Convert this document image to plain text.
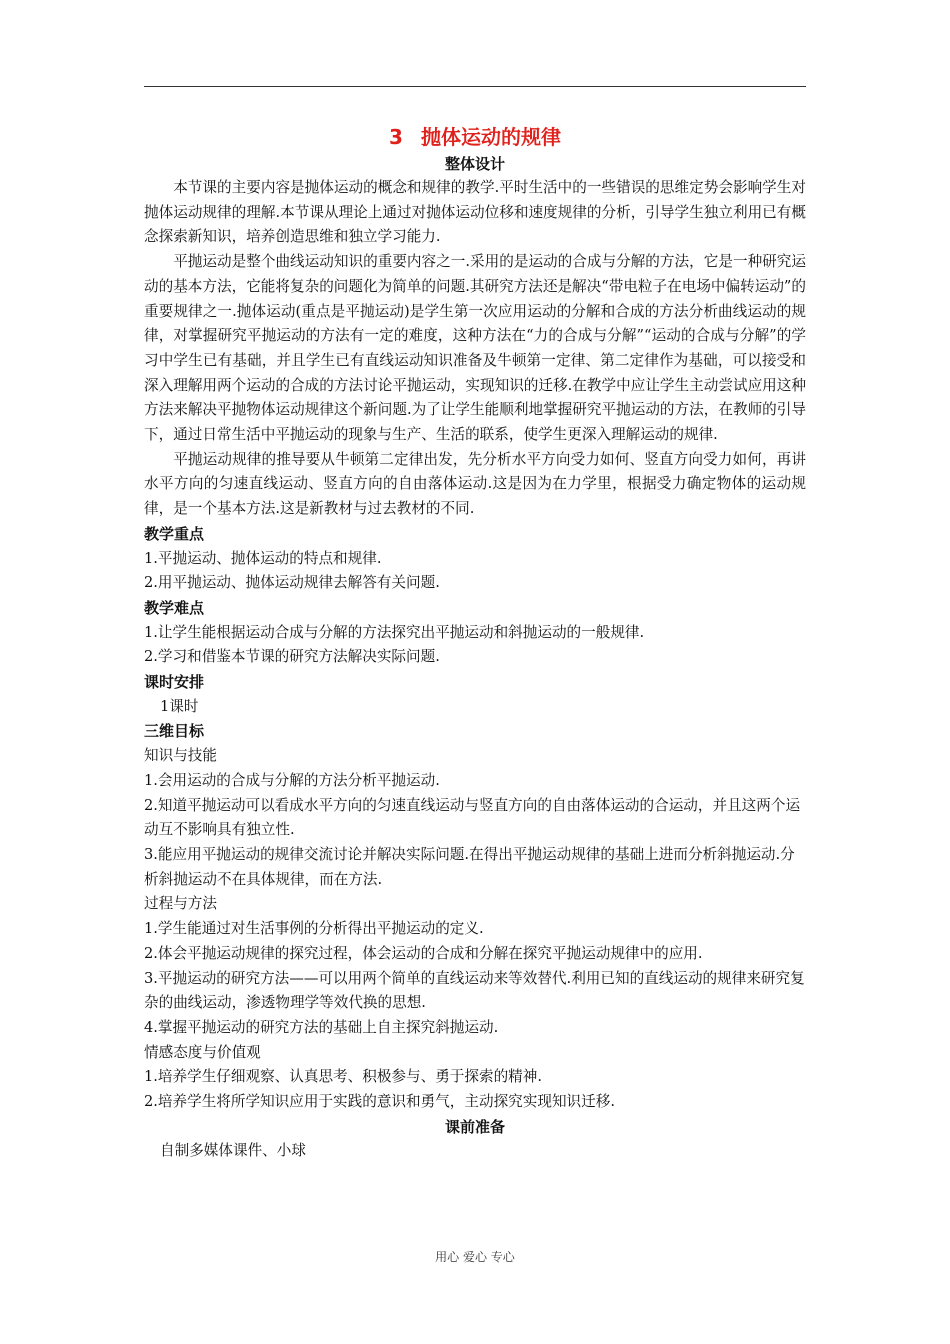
3 抛体运动的规律
整体设计

本节课的主要内容是抛体运动的概念和规律的教学.平时生活中的一些错误的思维定势会影响学生对抛体运动规律的理解.本节课从理论上通过对抛体运动位移和速度规律的分析，引导学生独立利用已有概念探索新知识，培养创造思维和独立学习能力.

平抛运动是整个曲线运动知识的重要内容之一.采用的是运动的合成与分解的方法，它是一种研究运动的基本方法，它能将复杂的问题化为简单的问题.其研究方法还是解决“带电粒子在电场中偏转运动”的重要规律之一.抛体运动(重点是平抛运动)是学生第一次应用运动的分解和合成的方法分析曲线运动的规律，对掌握研究平抛运动的方法有一定的难度，这种方法在“力的合成与分解”“运动的合成与分解”的学习中学生已有基础，并且学生已有直线运动知识准备及牛顿第一定律、第二定律作为基础，可以接受和深入理解用两个运动的合成的方法讨论平抛运动，实现知识的迁移.在教学中应让学生主动尝试应用这种方法来解决平抛物体运动规律这个新问题.为了让学生能顺利地掌握研究平抛运动的方法，在教师的引导下，通过日常生活中平抛运动的现象与生产、生活的联系，使学生更深入理解运动的规律.

平抛运动规律的推导要从牛顿第二定律出发，先分析水平方向受力如何、竖直方向受力如何，再讲水平方向的匀速直线运动、竖直方向的自由落体运动.这是因为在力学里，根据受力确定物体的运动规律，是一个基本方法.这是新教材与过去教材的不同.

教学重点

1.平抛运动、抛体运动的特点和规律.

2.用平抛运动、抛体运动规律去解答有关问题.

教学难点

1.让学生能根据运动合成与分解的方法探究出平抛运动和斜抛运动的一般规律.

2.学习和借鉴本节课的研究方法解决实际问题.

课时安排

1课时

三维目标

知识与技能

1.会用运动的合成与分解的方法分析平抛运动.

2.知道平抛运动可以看成水平方向的匀速直线运动与竖直方向的自由落体运动的合运动，并且这两个运动互不影响具有独立性.

3.能应用平抛运动的规律交流讨论并解决实际问题.在得出平抛运动规律的基础上进而分析斜抛运动.分析斜抛运动不在具体规律，而在方法.

过程与方法

1.学生能通过对生活事例的分析得出平抛运动的定义.

2.体会平抛运动规律的探究过程，体会运动的合成和分解在探究平抛运动规律中的应用.

3.平抛运动的研究方法——可以用两个简单的直线运动来等效替代.利用已知的直线运动的规律来研究复杂的曲线运动，渗透物理学等效代换的思想.

4.掌握平抛运动的研究方法的基础上自主探究斜抛运动.

情感态度与价值观

1.培养学生仔细观察、认真思考、积极参与、勇于探索的精神.

2.培养学生将所学知识应用于实践的意识和勇气，主动探究实现知识迁移.

课前准备

自制多媒体课件、小球

用心 爱心 专心
